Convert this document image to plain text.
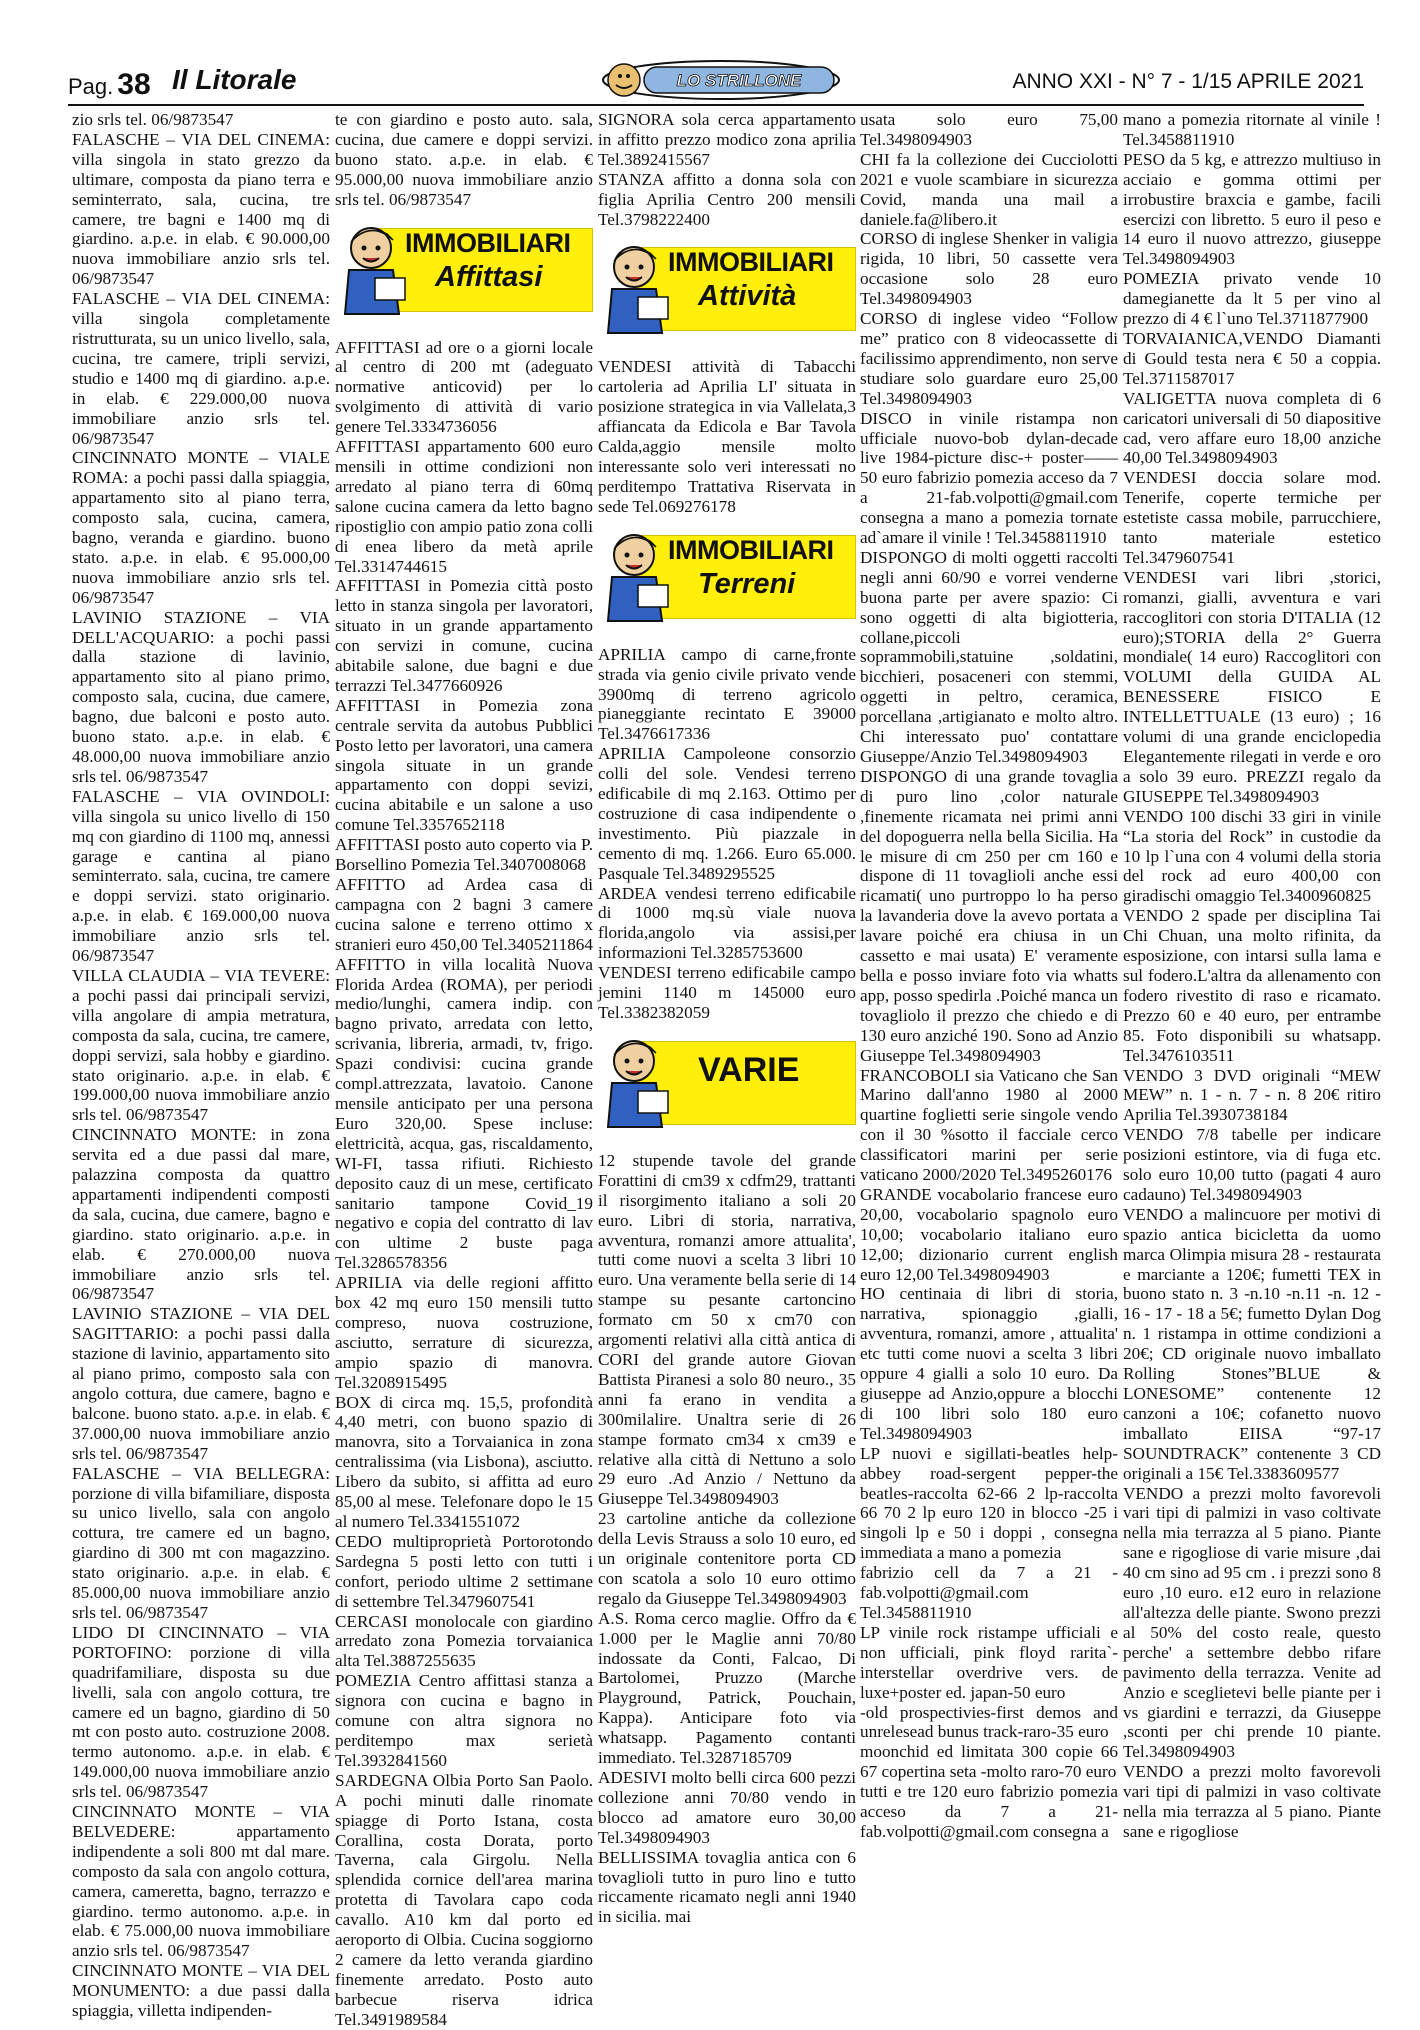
Pag. 38 Il Litorale	LO STRILLONE	ANNO XXI - N° 7 - 1/15 APRILE 2021

zio srls tel. 06/9873547

FALASCHE – VIA DEL CINEMA: villa singola in stato grezzo da ultimare, composta da piano terra e seminterrato, sala, cucina, tre camere, tre bagni e 1400 mq di giardino. a.p.e. in elab. € 90.000,00 nuova immobiliare anzio srls tel. 06/9873547

FALASCHE – VIA DEL CINEMA: villa singola completamente ristrutturata, su un unico livello, sala, cucina, tre camere, tripli servizi, studio e 1400 mq di giardino. a.p.e. in elab. € 229.000,00 nuova immobiliare anzio srls tel. 06/9873547

CINCINNATO MONTE – VIALE ROMA: a pochi passi dalla spiaggia, appartamento sito al piano terra, composto sala, cucina, camera, bagno, veranda e giardino. buono stato. a.p.e. in elab. € 95.000,00 nuova immobiliare anzio srls tel. 06/9873547

LAVINIO STAZIONE – VIA DELL'ACQUARIO: a pochi passi dalla stazione di lavinio, appartamento sito al piano primo, composto sala, cucina, due camere, bagno, due balconi e posto auto. buono stato. a.p.e. in elab. € 48.000,00 nuova immobiliare anzio srls tel. 06/9873547

FALASCHE – VIA OVINDOLI: villa singola su unico livello di 150 mq con giardino di 1100 mq, annessi garage e cantina al piano seminterrato. sala, cucina, tre camere e doppi servizi. stato originario. a.p.e. in elab. € 169.000,00 nuova immobiliare anzio srls tel. 06/9873547

VILLA CLAUDIA – VIA TEVERE: a pochi passi dai principali servizi, villa angolare di ampia metratura, composta da sala, cucina, tre camere, doppi servizi, sala hobby e giardino. stato originario. a.p.e. in elab. € 199.000,00 nuova immobiliare anzio srls tel. 06/9873547

CINCINNATO MONTE: in zona servita ed a due passi dal mare, palazzina composta da quattro appartamenti indipendenti composti da sala, cucina, due camere, bagno e giardino. stato originario. a.p.e. in elab. € 270.000,00 nuova immobiliare anzio srls tel. 06/9873547

LAVINIO STAZIONE – VIA DEL SAGITTARIO: a pochi passi dalla stazione di lavinio, appartamento sito al piano primo, composto sala con angolo cottura, due camere, bagno e balcone. buono stato. a.p.e. in elab. € 37.000,00 nuova immobiliare anzio srls tel. 06/9873547

FALASCHE – VIA BELLEGRA: porzione di villa bifamiliare, disposta su unico livello, sala con angolo cottura, tre camere ed un bagno, giardino di 300 mt con magazzino. stato originario. a.p.e. in elab. € 85.000,00 nuova immobiliare anzio srls tel. 06/9873547

LIDO DI CINCINNATO – VIA PORTOFINO: porzione di villa quadrifamiliare, disposta su due livelli, sala con angolo cottura, tre camere ed un bagno, giardino di 50 mt con posto auto. costruzione 2008. termo autonomo. a.p.e. in elab. € 149.000,00 nuova immobiliare anzio srls tel. 06/9873547

CINCINNATO MONTE – VIA BELVEDERE: appartamento indipendente a soli 800 mt dal mare. composto da sala con angolo cottura, camera, cameretta, bagno, terrazzo e giardino. termo autonomo. a.p.e. in elab. € 75.000,00 nuova immobiliare anzio srls tel. 06/9873547

CINCINNATO MONTE – VIA DEL MONUMENTO: a due passi dalla spiaggia, villetta indipenden-

te con giardino e posto auto. sala, cucina, due camere e doppi servizi. buono stato. a.p.e. in elab. € 95.000,00 nuova immobiliare anzio srls tel. 06/9873547

IMMOBILIARI
Affittasi

AFFITTASI ad ore o a giorni locale al centro di 200 mt (adeguato normative anticovid) per lo svolgimento di attività di vario genere Tel.3334736056

AFFITTASI appartamento 600 euro mensili in ottime condizioni non arredato al piano terra di 60mq salone cucina camera da letto bagno ripostiglio con ampio patio zona colli di enea libero da metà aprile Tel.3314744615

AFFITTASI in Pomezia città posto letto in stanza singola per lavoratori, situato in un grande appartamento con servizi in comune, cucina abitabile salone, due bagni e due terrazzi Tel.3477660926

AFFITTASI in Pomezia zona centrale servita da autobus Pubblici Posto letto per lavoratori, una camera singola situate in un grande appartamento con doppi sevizi, cucina abitabile e un salone a uso comune Tel.3357652118

AFFITTASI posto auto coperto via P. Borsellino Pomezia Tel.3407008068

AFFITTO ad Ardea casa di campagna con 2 bagni 3 camere cucina salone e terreno ottimo x stranieri euro 450,00 Tel.3405211864

AFFITTO in villa località Nuova Florida Ardea (ROMA), per periodi medio/lunghi, camera indip. con bagno privato, arredata con letto, scrivania, libreria, armadi, tv, frigo. Spazi condivisi: cucina grande compl.attrezzata, lavatoio. Canone mensile anticipato per una persona Euro 320,00. Spese incluse: elettricità, acqua, gas, riscaldamento, WI-FI, tassa rifiuti. Richiesto deposito cauz di un mese, certificato sanitario tampone Covid_19 negativo e copia del contratto di lav con ultime 2 buste paga Tel.3286578356

APRILIA via delle regioni affitto box 42 mq euro 150 mensili tutto compreso, nuova costruzione, asciutto, serrature di sicurezza, ampio spazio di manovra. Tel.3208915495

BOX di circa mq. 15,5, profondità 4,40 metri, con buono spazio di manovra, sito a Torvaianica in zona centralissima (via Lisbona), asciutto. Libero da subito, si affitta ad euro 85,00 al mese. Telefonare dopo le 15 al numero Tel.3341551072

CEDO multiproprietà Portorotondo Sardegna 5 posti letto con tutti i confort, periodo ultime 2 settimane di settembre Tel.3479607541

CERCASI monolocale con giardino arredato zona Pomezia torvaianica alta Tel.3887255635

POMEZIA Centro affittasi stanza a signora con cucina e bagno in comune con altra signora no perditempo max serietà Tel.3932841560

SARDEGNA Olbia Porto San Paolo. A pochi minuti dalle rinomate spiagge di Porto Istana, costa Corallina, costa Dorata, porto Taverna, cala Girgolu. Nella splendida cornice dell'area marina protetta di Tavolara capo coda cavallo. A10 km dal porto ed aeroporto di Olbia. Cucina soggiorno 2 camere da letto veranda giardino finemente arredato. Posto auto barbecue riserva idrica Tel.3491989584

SIGNORA sola cerca appartamento in affitto prezzo modico zona aprilia Tel.3892415567

STANZA affitto a donna sola con figlia Aprilia Centro 200 mensili Tel.3798222400

IMMOBILIARI
Attività

VENDESI attività di Tabacchi cartoleria ad Aprilia LI' situata in posizione strategica in via Vallelata,3 affiancata da Edicola e Bar Tavola Calda,aggio mensile molto interessante solo veri interessati no perditempo Trattativa Riservata in sede Tel.069276178

IMMOBILIARI
Terreni

APRILIA campo di carne,fronte strada via genio civile privato vende 3900mq di terreno agricolo pianeggiante recintato E 39000 Tel.3476617336

APRILIA Campoleone consorzio colli del sole. Vendesi terreno edificabile di mq 2.163. Ottimo per costruzione di casa indipendente o investimento. Più piazzale in cemento di mq. 1.266. Euro 65.000. Pasquale Tel.3489295525

ARDEA vendesi terreno edificabile di 1000 mq.sù viale nuova florida,angolo via assisi,per informazioni Tel.3285753600

VENDESI terreno edificabile campo jemini 1140 m 145000 euro Tel.3382382059

VARIE

12 stupende tavole del grande Forattini di cm39 x cdfm29, trattanti il risorgimento italiano a soli 20 euro. Libri di storia, narrativa, avventura, romanzi amore attualita', tutti come nuovi a scelta 3 libri 10 euro. Una veramente bella serie di 14 stampe su pesante cartoncino formato cm 50 x cm70 con argomenti relativi alla città antica di CORI del grande autore Giovan Battista Piranesi a solo 80 neuro., 35 anni fa erano in vendita a 300milalire. Unaltra serie di 26 stampe formato cm34 x cm39 e relative alla città di Nettuno a solo 29 euro .Ad Anzio / Nettuno da Giuseppe Tel.3498094903

23 cartoline antiche da collezione della Levis Strauss a solo 10 euro, ed un originale contenitore porta CD con scatola a solo 10 euro ottimo regalo da Giuseppe Tel.3498094903

A.S. Roma cerco maglie. Offro da € 1.000 per le Maglie anni 70/80 indossate da Conti, Falcao, Di Bartolomei, Pruzzo (Marche Playground, Patrick, Pouchain, Kappa). Anticipare foto via whatsapp. Pagamento contanti immediato. Tel.3287185709

ADESIVI molto belli circa 600 pezzi collezione anni 70/80 vendo in blocco ad amatore euro 30,00 Tel.3498094903

BELLISSIMA tovaglia antica con 6 tovaglioli tutto in puro lino e tutto riccamente ricamato negli anni 1940 in sicilia. mai

usata solo euro 75,00 Tel.3498094903

CHI fa la collezione dei Cucciolotti 2021 e vuole scambiare in sicurezza Covid, manda una mail a daniele.fa@libero.it

CORSO di inglese Shenker in valigia rigida, 10 libri, 50 cassette vera occasione solo 28 euro Tel.3498094903

CORSO di inglese video “Follow me” pratico con 8 videocassette di facilissimo apprendimento, non serve studiare solo guardare euro 25,00 Tel.3498094903

DISCO in vinile ristampa non ufficiale nuovo-bob dylan-decade live 1984-picture disc-+ poster——50 euro fabrizio pomezia acceso da 7 a 21-fab.volpotti@gmail.com consegna a mano a pomezia tornate ad`amare il vinile ! Tel.3458811910

DISPONGO di molti oggetti raccolti negli anni 60/90 e vorrei venderne buona parte per avere spazio: Ci sono oggetti di alta bigiotteria, collane,piccoli soprammobili,statuine ,soldatini, bicchieri, posaceneri con stemmi, oggetti in peltro, ceramica, porcellana ,artigianato e molto altro. Chi interessato puo' contattare Giuseppe/Anzio Tel.3498094903

DISPONGO di una grande tovaglia di puro lino ,color naturale ,finemente ricamata nei primi anni del dopoguerra nella bella Sicilia. Ha le misure di cm 250 per cm 160 e dispone di 11 tovaglioli anche essi ricamati( uno purtroppo lo ha perso la lavanderia dove la avevo portata a lavare poiché era chiusa in un cassetto e mai usata) E' veramente bella e posso inviare foto via whatts app, posso spedirla .Poiché manca un tovagliolo il prezzo che chiedo e di 130 euro anziché 190. Sono ad Anzio Giuseppe Tel.3498094903

FRANCOBOLI sia Vaticano che San Marino dall'anno 1980 al 2000 quartine foglietti serie singole vendo con il 30 %sotto il facciale cerco classificatori marini per serie vaticano 2000/2020 Tel.3495260176

GRANDE vocabolario francese euro 20,00, vocabolario spagnolo euro 10,00; vocabolario italiano euro 12,00; dizionario current english euro 12,00 Tel.3498094903

HO centinaia di libri di storia, narrativa, spionaggio ,gialli, avventura, romanzi, amore , attualita' etc tutti come nuovi a scelta 3 libri oppure 4 gialli a solo 10 euro. Da giuseppe ad Anzio,oppure a blocchi di 100 libri solo 180 euro Tel.3498094903

LP nuovi e sigillati-beatles help-abbey road-sergent pepper-the beatles-raccolta 62-66 2 lp-raccolta 66 70 2 lp euro 120 in blocco -25 i singoli lp e 50 i doppi , consegna immediata a mano a pomezia

fabrizio cell da 7 a 21 -fab.volpotti@gmail.com Tel.3458811910

LP vinile rock ristampe ufficiali e non ufficiali, pink floyd rarita`-interstellar overdrive vers. de luxe+poster ed. japan-50 euro

-old prospectivies-first demos and unrelesead bunus track-raro-35 euro

moonchid ed limitata 300 copie 66 67 copertina seta -molto raro-70 euro

tutti e tre 120 euro fabrizio pomezia acceso da 7 a 21-fab.volpotti@gmail.com consegna a

mano a pomezia ritornate al vinile ! Tel.3458811910

PESO da 5 kg, e attrezzo multiuso in acciaio e gomma ottimi per irrobustire braxcia e gambe, facili esercizi con libretto. 5 euro il peso e 14 euro il nuovo attrezzo, giuseppe Tel.3498094903

POMEZIA privato vende 10 damegianette da lt 5 per vino al prezzo di 4 € l`uno Tel.3711877900

TORVAIANICA,VENDO Diamanti di Gould testa nera € 50 a coppia. Tel.3711587017

VALIGETTA nuova completa di 6 caricatori universali di 50 diapositive cad, vero affare euro 18,00 anziche 40,00 Tel.3498094903

VENDESI doccia solare mod. Tenerife, coperte termiche per estetiste cassa mobile, parrucchiere, tanto materiale estetico Tel.3479607541

VENDESI vari libri ,storici, romanzi, gialli, avventura e vari raccoglitori con storia D'ITALIA (12 euro);STORIA della 2° Guerra mondiale( 14 euro) Raccoglitori con VOLUMI della GUIDA AL BENESSERE FISICO E INTELLETTUALE (13 euro) ; 16 volumi di una grande enciclopedia Elegantemente rilegati in verde e oro a solo 39 euro. PREZZI regalo da GIUSEPPE Tel.3498094903

VENDO 100 dischi 33 giri in vinile “La storia del Rock” in custodie da 10 lp l`una con 4 volumi della storia del rock ad euro 400,00 con giradischi omaggio Tel.3400960825

VENDO 2 spade per disciplina Tai Chi Chuan, una molto rifinita, da esposizione, con intarsi sulla lama e sul fodero.L'altra da allenamento con fodero rivestito di raso e ricamato. Prezzo 60 e 40 euro, per entrambe 85. Foto disponibili su whatsapp. Tel.3476103511

VENDO 3 DVD originali “MEW MEW” n. 1 - n. 7 - n. 8 20€ ritiro Aprilia Tel.3930738184

VENDO 7/8 tabelle per indicare posizioni estintore, via di fuga etc. solo euro 10,00 tutto (pagati 4 auro cadauno) Tel.3498094903

VENDO a malincuore per motivi di spazio antica bicicletta da uomo marca Olimpia misura 28 - restaurata e marciante a 120€; fumetti TEX in buono stato n. 3 -n.10 -n.11 -n. 12 - 16 - 17 - 18 a 5€; fumetto Dylan Dog n. 1 ristampa in ottime condizioni a 20€; CD originale nuovo imballato Rolling Stones”BLUE & LONESOME” contenente 12 canzoni a 10€; cofanetto nuovo imballato EIISA “97-17 SOUNDTRACK” contenente 3 CD originali a 15€ Tel.3383609577

VENDO a prezzi molto favorevoli vari tipi di palmizi in vaso coltivate nella mia terrazza al 5 piano. Piante sane e rigogliose di varie misure ,dai 40 cm sino ad 95 cm . i prezzi sono 8 euro ,10 euro. e12 euro in relazione all'altezza delle piante. Swono prezzi al 50% del costo reale, questo perche' a settembre debbo rifare pavimento della terrazza. Venite ad Anzio e sceglietevi belle piante per i vs giardini e terrazzi, da Giuseppe ,sconti per chi prende 10 piante. Tel.3498094903

VENDO a prezzi molto favorevoli vari tipi di palmizi in vaso coltivate nella mia terrazza al 5 piano. Piante sane e rigogliose
